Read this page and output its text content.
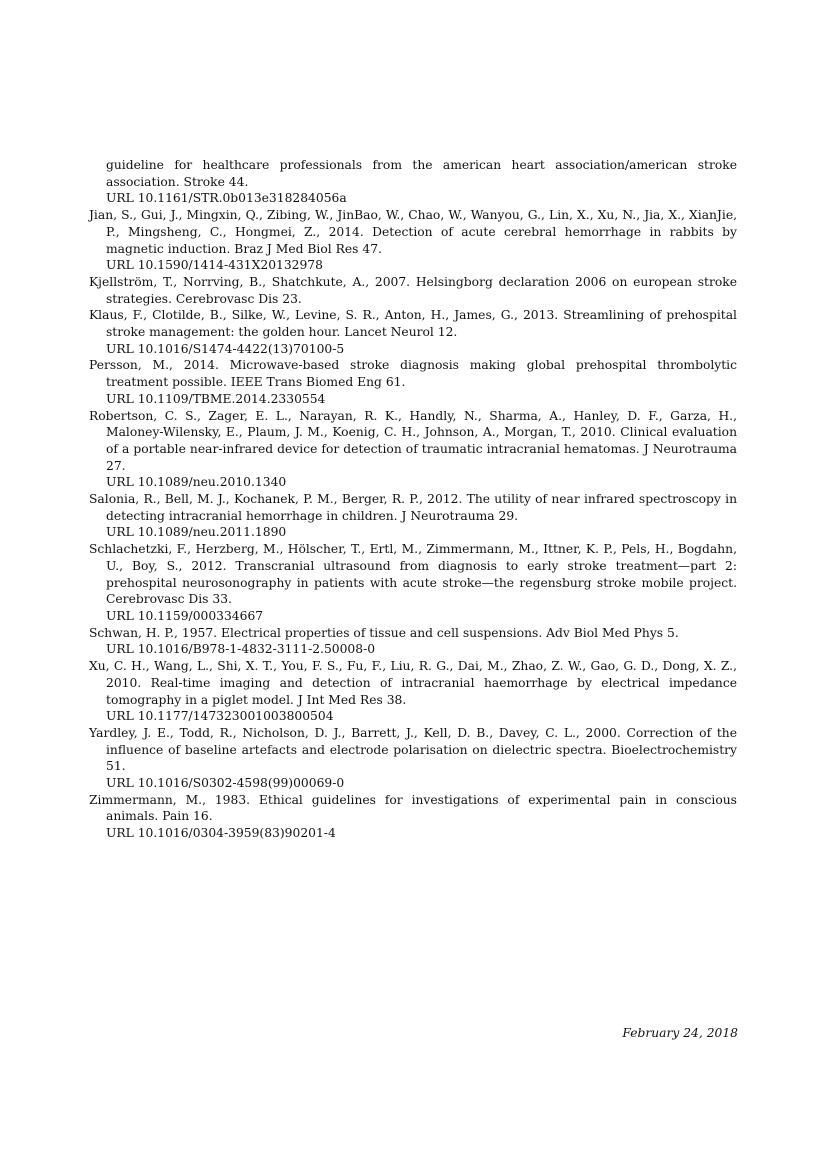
guideline for healthcare professionals from the american heart association/american stroke association. Stroke 44.
URL 10.1161/STR.0b013e318284056a
Jian, S., Gui, J., Mingxin, Q., Zibing, W., JinBao, W., Chao, W., Wanyou, G., Lin, X., Xu, N., Jia, X., XianJie, P., Mingsheng, C., Hongmei, Z., 2014. Detection of acute cerebral hemorrhage in rabbits by magnetic induction. Braz J Med Biol Res 47.
URL 10.1590/1414-431X20132978
Kjellström, T., Norrving, B., Shatchkute, A., 2007. Helsingborg declaration 2006 on european stroke strategies. Cerebrovasc Dis 23.
Klaus, F., Clotilde, B., Silke, W., Levine, S. R., Anton, H., James, G., 2013. Streamlining of prehospital stroke management: the golden hour. Lancet Neurol 12.
URL 10.1016/S1474-4422(13)70100-5
Persson, M., 2014. Microwave-based stroke diagnosis making global prehospital thrombolytic treatment possible. IEEE Trans Biomed Eng 61.
URL 10.1109/TBME.2014.2330554
Robertson, C. S., Zager, E. L., Narayan, R. K., Handly, N., Sharma, A., Hanley, D. F., Garza, H., Maloney-Wilensky, E., Plaum, J. M., Koenig, C. H., Johnson, A., Morgan, T., 2010. Clinical evaluation of a portable near-infrared device for detection of traumatic intracranial hematomas. J Neurotrauma 27.
URL 10.1089/neu.2010.1340
Salonia, R., Bell, M. J., Kochanek, P. M., Berger, R. P., 2012. The utility of near infrared spectroscopy in detecting intracranial hemorrhage in children. J Neurotrauma 29.
URL 10.1089/neu.2011.1890
Schlachetzki, F., Herzberg, M., Hölscher, T., Ertl, M., Zimmermann, M., Ittner, K. P., Pels, H., Bogdahn, U., Boy, S., 2012. Transcranial ultrasound from diagnosis to early stroke treatment—part 2: prehospital neurosonography in patients with acute stroke—the regensburg stroke mobile project. Cerebrovasc Dis 33.
URL 10.1159/000334667
Schwan, H. P., 1957. Electrical properties of tissue and cell suspensions. Adv Biol Med Phys 5.
URL 10.1016/B978-1-4832-3111-2.50008-0
Xu, C. H., Wang, L., Shi, X. T., You, F. S., Fu, F., Liu, R. G., Dai, M., Zhao, Z. W., Gao, G. D., Dong, X. Z., 2010. Real-time imaging and detection of intracranial haemorrhage by electrical impedance tomography in a piglet model. J Int Med Res 38.
URL 10.1177/147323001003800504
Yardley, J. E., Todd, R., Nicholson, D. J., Barrett, J., Kell, D. B., Davey, C. L., 2000. Correction of the influence of baseline artefacts and electrode polarisation on dielectric spectra. Bioelectrochemistry 51.
URL 10.1016/S0302-4598(99)00069-0
Zimmermann, M., 1983. Ethical guidelines for investigations of experimental pain in conscious animals. Pain 16.
URL 10.1016/0304-3959(83)90201-4
February 24, 2018
